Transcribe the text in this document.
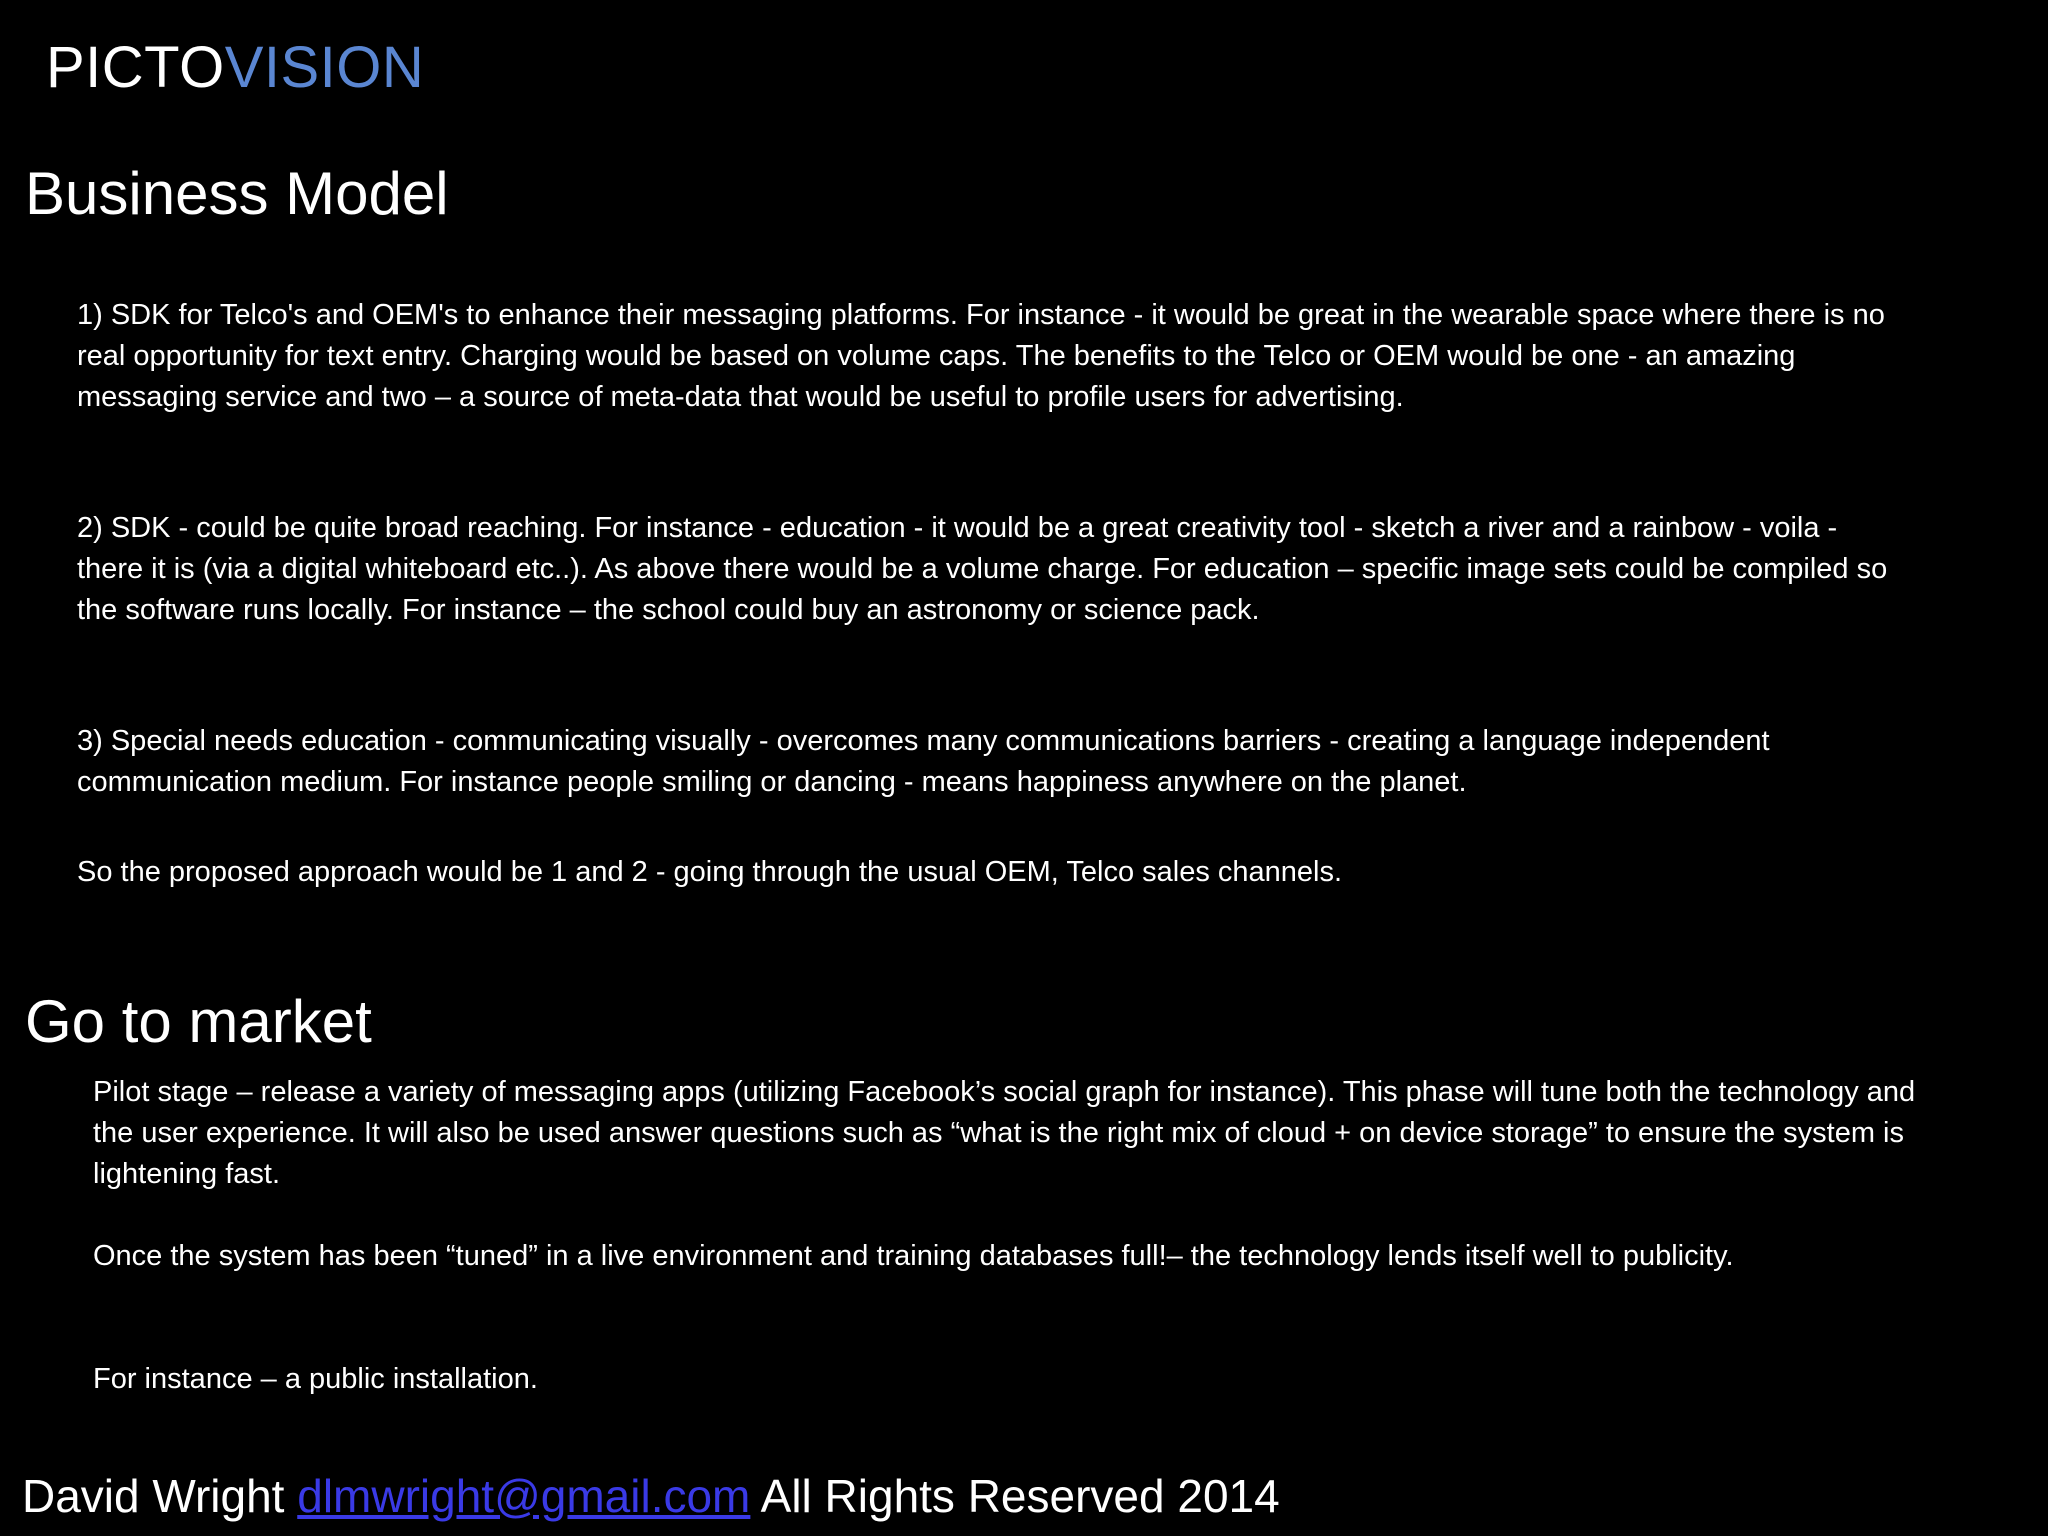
PICTOVISION
Business Model

1) SDK for Telco's and OEM's to enhance their messaging platforms. For instance - it would be great in the wearable space where there is no real opportunity for text entry. Charging would be based on volume caps. The benefits to the Telco or OEM would be one - an amazing messaging service and two – a source of meta-data that would be useful to profile users for advertising.

2) SDK - could be quite broad reaching. For instance - education - it would be a great creativity tool - sketch a river and a rainbow - voila - there it is (via a digital whiteboard etc..). As above there would be a volume charge. For education – specific image sets could be compiled so the software runs locally. For instance – the school could buy an astronomy or science pack.

3) Special needs education - communicating visually - overcomes many communications barriers - creating a language independent communication medium. For instance people smiling or dancing - means happiness anywhere on the planet.

So the proposed approach would be 1 and 2 - going through the usual OEM, Telco sales channels.

Go to market

Pilot stage – release a variety of messaging apps (utilizing Facebook’s social graph for instance). This phase will tune both the technology and the user experience. It will also be used answer questions such as “what is the right mix of cloud + on device storage” to ensure the system is lightening fast.

Once the system has been “tuned” in a live environment and training databases full!– the technology lends itself well to publicity.

For instance – a public installation.

David Wright dlmwright@gmail.com All Rights Reserved 2014
